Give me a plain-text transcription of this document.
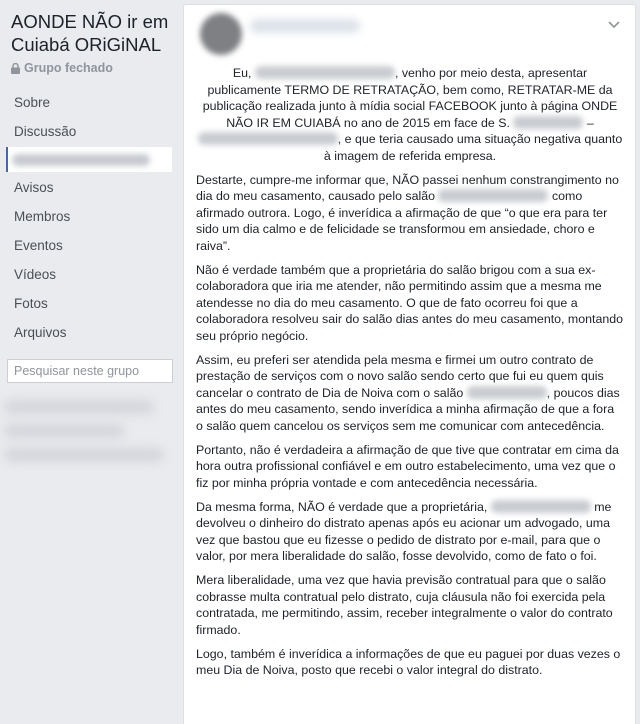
AONDE NÃO ir em Cuiabá ORiGiNAL
Grupo fechado
Sobre
Discussão
Avisos
Membros
Eventos
Vídeos
Fotos
Arquivos
Pesquisar neste grupo

Eu,	, venho por meio desta, apresentar publicamente TERMO DE RETRATAÇÃO, bem como, RETRATAR-ME da publicação realizada junto à mídia social FACEBOOK junto à página ONDE NÃO IR EM CUIABÁ no ano de 2015 em face de S.	– , e que teria causado uma situação negativa quanto à imagem de referida empresa.

Destarte, cumpre-me informar que, NÃO passei nenhum constrangimento no dia do meu casamento, causado pelo salão	como afirmado outrora. Logo, é inverídica a afirmação de que “o que era para ter sido um dia calmo e de felicidade se transformou em ansiedade, choro e raiva”.

Não é verdade também que a proprietária do salão brigou com a sua ex-colaboradora que iria me atender, não permitindo assim que a mesma me atendesse no dia do meu casamento. O que de fato ocorreu foi que a colaboradora resolveu sair do salão dias antes do meu casamento, montando seu próprio negócio.

Assim, eu preferi ser atendida pela mesma e firmei um outro contrato de prestação de serviços com o novo salão sendo certo que fui eu quem quis cancelar o contrato de Dia de Noiva com o salão	, poucos dias antes do meu casamento, sendo inverídica a minha afirmação de que a fora o salão quem cancelou os serviços sem me comunicar com antecedência.

Portanto, não é verdadeira a afirmação de que tive que contratar em cima da hora outra profissional confiável e em outro estabelecimento, uma vez que o fiz por minha própria vontade e com antecedência necessária.

Da mesma forma, NÃO é verdade que a proprietária,	me devolveu o dinheiro do distrato apenas após eu acionar um advogado, uma vez que bastou que eu fizesse o pedido de distrato por e-mail, para que o valor, por mera liberalidade do salão, fosse devolvido, como de fato o foi.

Mera liberalidade, uma vez que havia previsão contratual para que o salão cobrasse multa contratual pelo distrato, cuja cláusula não foi exercida pela contratada, me permitindo, assim, receber integralmente o valor do contrato firmado.

Logo, também é inverídica a informações de que eu paguei por duas vezes o meu Dia de Noiva, posto que recebi o valor integral do distrato.
